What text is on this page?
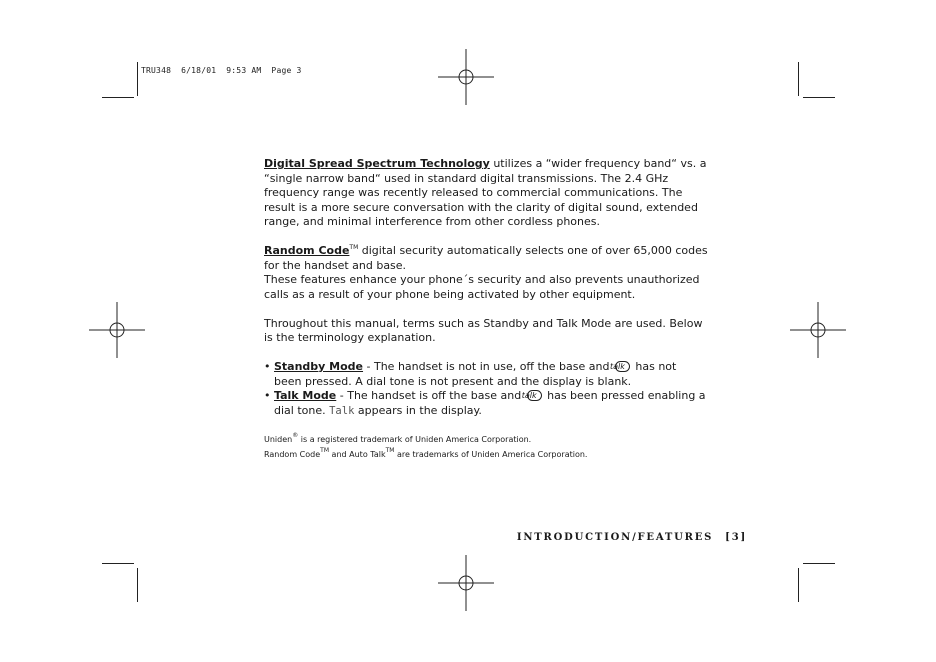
TRU348  6/18/01  9:53 AM  Page 3

Digital Spread Spectrum Technology utilizes a “wider frequency band“ vs. a

“single narrow band“ used in standard digital transmissions. The 2.4 GHz

frequency range was recently released to commercial communications. The

result is a more secure conversation with the clarity of digital sound, extended

range, and minimal interference from other cordless phones.

Random Code™ digital security automatically selects one of over 65,000 codes

for the handset and base.

These features enhance your phone´s security and also prevents unauthorized

calls as a result of your phone being activated by other equipment.

Throughout this manual, terms such as Standby and Talk Mode are used. Below

is the terminology explanation.

• Standby Mode - The handset is not in use, off the base and talk has not
been pressed. A dial tone is not present and the display is blank.

• Talk Mode - The handset is off the base and talk has been pressed enabling a
dial tone. Talk appears in the display.

Uniden® is a registered trademark of Uniden America Corporation.

Random Code™ and Auto Talk™ are trademarks of Uniden America Corporation.

INTRODUCTION/FEATURES [3]
